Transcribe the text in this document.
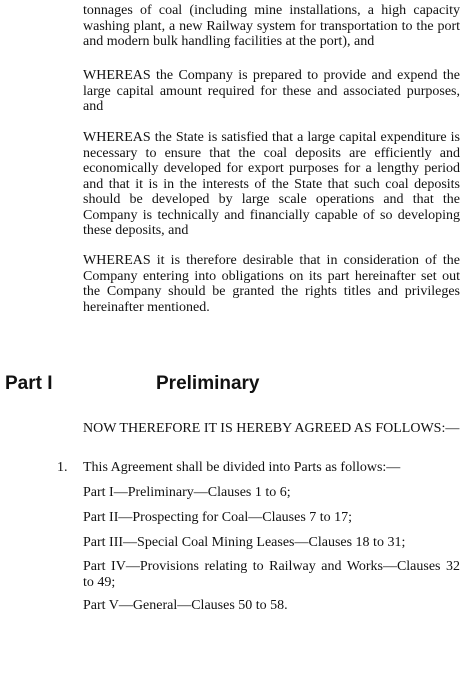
tonnages of coal (including mine installations, a high capacity washing plant, a new Railway system for transportation to the port and modern bulk handling facilities at the port), and

WHEREAS the Company is prepared to provide and expend the large capital amount required for these and associated purposes, and

WHEREAS the State is satisfied that a large capital expenditure is necessary to ensure that the coal deposits are efficiently and economically developed for export purposes for a lengthy period and that it is in the interests of the State that such coal deposits should be developed by large scale operations and that the Company is technically and financially capable of so developing these deposits, and

WHEREAS it is therefore desirable that in consideration of the Company entering into obligations on its part hereinafter set out the Company should be granted the rights titles and privileges hereinafter mentioned.

Part I	Preliminary

NOW THEREFORE IT IS HEREBY AGREED AS FOLLOWS:—

1. This Agreement shall be divided into Parts as follows:—

Part I—Preliminary—Clauses 1 to 6;

Part II—Prospecting for Coal—Clauses 7 to 17;

Part III—Special Coal Mining Leases—Clauses 18 to 31;

Part IV—Provisions relating to Railway and Works—Clauses 32 to 49;

Part V—General—Clauses 50 to 58.
